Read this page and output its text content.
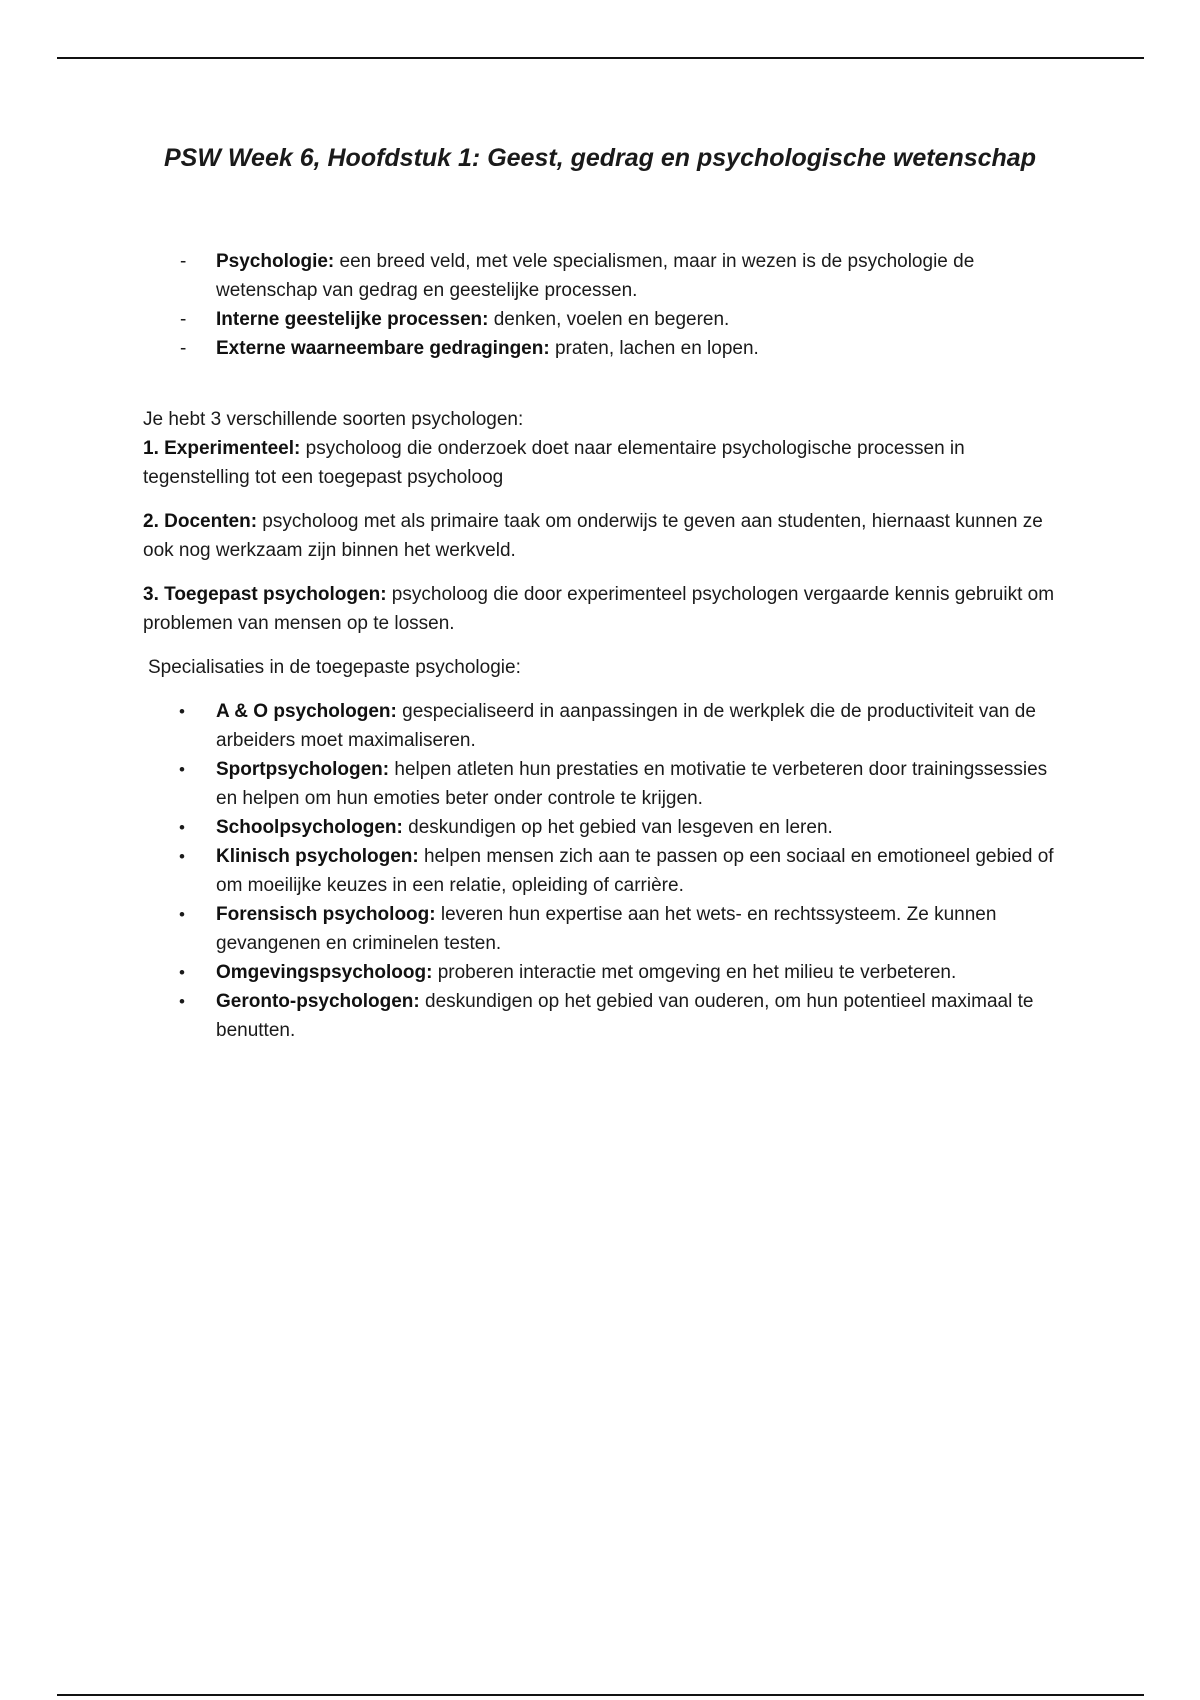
PSW Week 6, Hoofdstuk 1: Geest, gedrag en psychologische wetenschap
- Psychologie: een breed veld, met vele specialismen, maar in wezen is de psychologie de wetenschap van gedrag en geestelijke processen.
- Interne geestelijke processen: denken, voelen en begeren.
- Externe waarneembare gedragingen: praten, lachen en lopen.

Je hebt 3 verschillende soorten psychologen:

1. Experimenteel: psycholoog die onderzoek doet naar elementaire psychologische processen in tegenstelling tot een toegepast psycholoog

2. Docenten: psycholoog met als primaire taak om onderwijs te geven aan studenten, hiernaast kunnen ze ook nog werkzaam zijn binnen het werkveld.

3. Toegepast psychologen: psycholoog die door experimenteel psychologen vergaarde kennis gebruikt om problemen van mensen op te lossen.

Specialisaties in de toegepaste psychologie:

• A & O psychologen: gespecialiseerd in aanpassingen in de werkplek die de productiviteit van de arbeiders moet maximaliseren.
• Sportpsychologen: helpen atleten hun prestaties en motivatie te verbeteren door trainingssessies en helpen om hun emoties beter onder controle te krijgen.
• Schoolpsychologen: deskundigen op het gebied van lesgeven en leren.
• Klinisch psychologen: helpen mensen zich aan te passen op een sociaal en emotioneel gebied of om moeilijke keuzes in een relatie, opleiding of carrière.
• Forensisch psycholoog: leveren hun expertise aan het wets- en rechtssysteem. Ze kunnen gevangenen en criminelen testen.
• Omgevingspsycholoog: proberen interactie met omgeving en het milieu te verbeteren.
• Geronto-psychologen: deskundigen op het gebied van ouderen, om hun potentieel maximaal te benutten.
